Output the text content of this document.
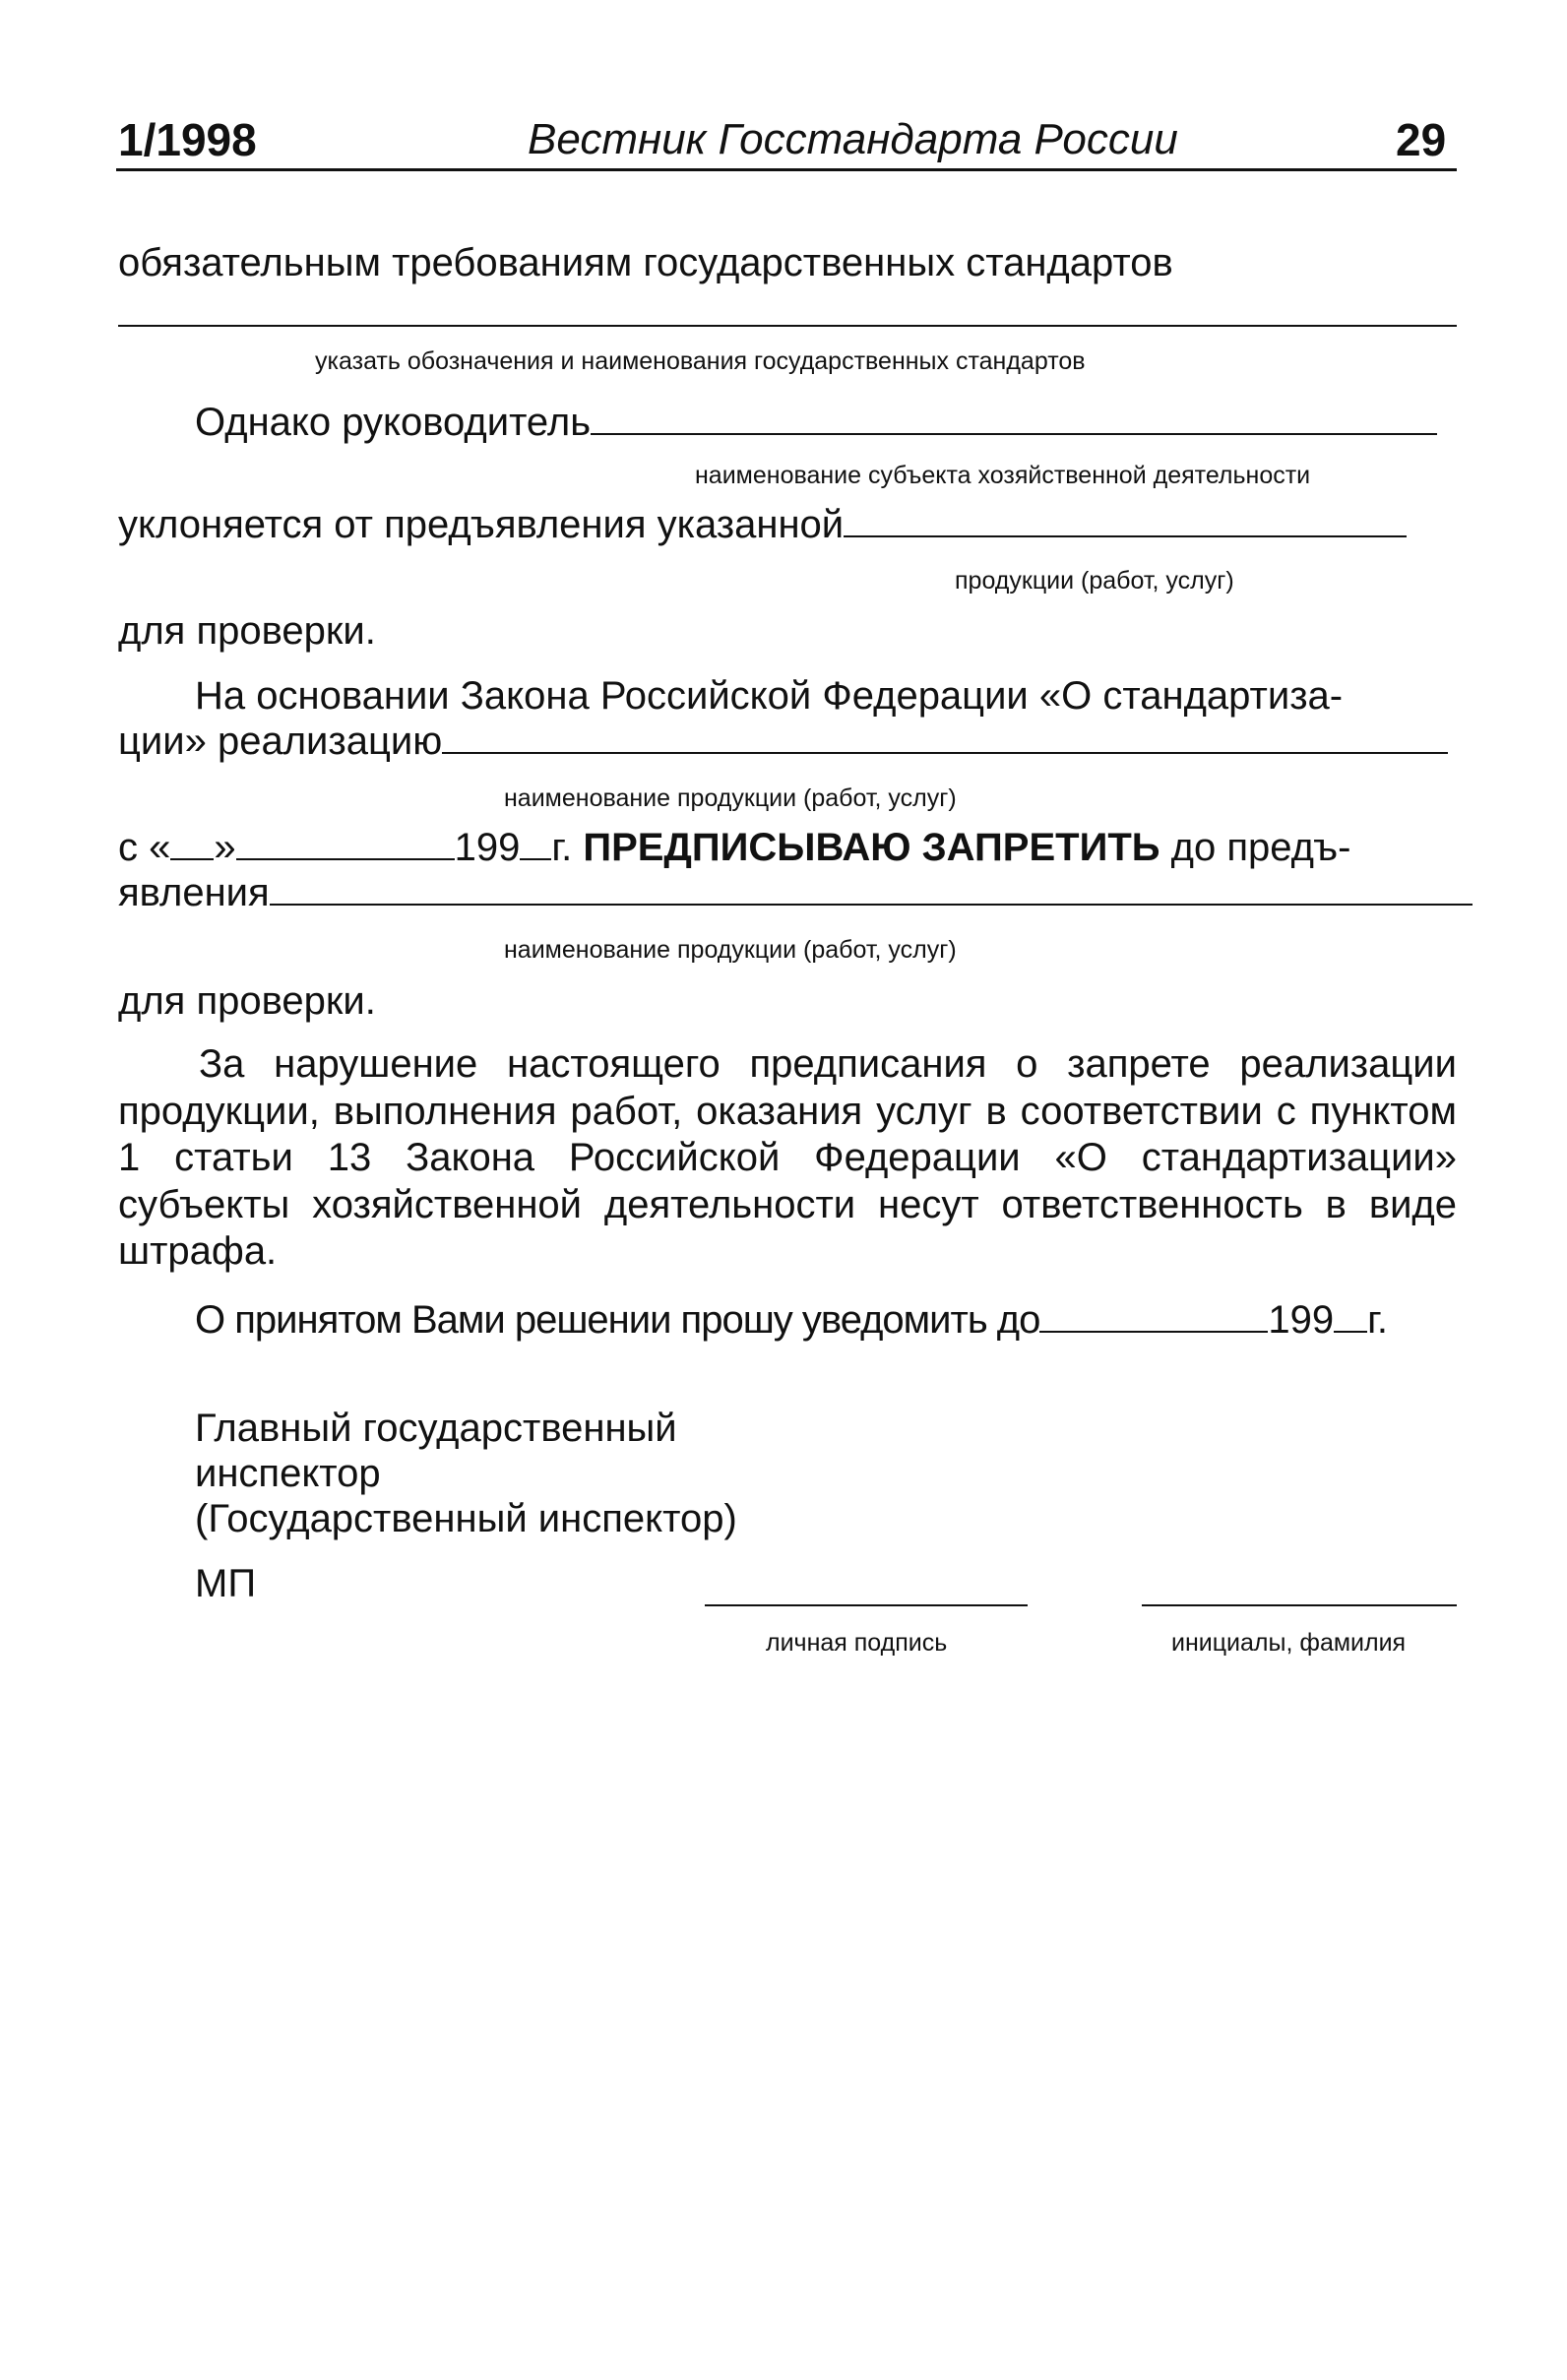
1/1998	Вестник Госстандарта России	29
обязательным требованиям государственных стандартов
указать обозначения и наименования государственных стандартов
Однако руководитель
наименование субъекта хозяйственной деятельности
уклоняется от предъявления указанной
продукции (работ, услуг)
для проверки.
На основании Закона Российской Федерации «О стандартиза-
ции» реализацию
наименование продукции (работ, услуг)
с « »	199 г. ПРЕДПИСЫВАЮ ЗАПРЕТИТЬ до предъ-
явления
наименование продукции (работ, услуг)
для проверки.
За нарушение настоящего предписания о запрете реализации продукции, выполнения работ, оказания услуг в соответствии с пунктом 1 статьи 13 Закона Российской Федерации «О стандартизации» субъекты хозяйственной деятельности несут ответственность в виде штрафа.
О принятом Вами решении прошу уведомить до	199 г.
Главный государственный
инспектор
(Государственный инспектор)
МП
личная подпись	инициалы, фамилия
